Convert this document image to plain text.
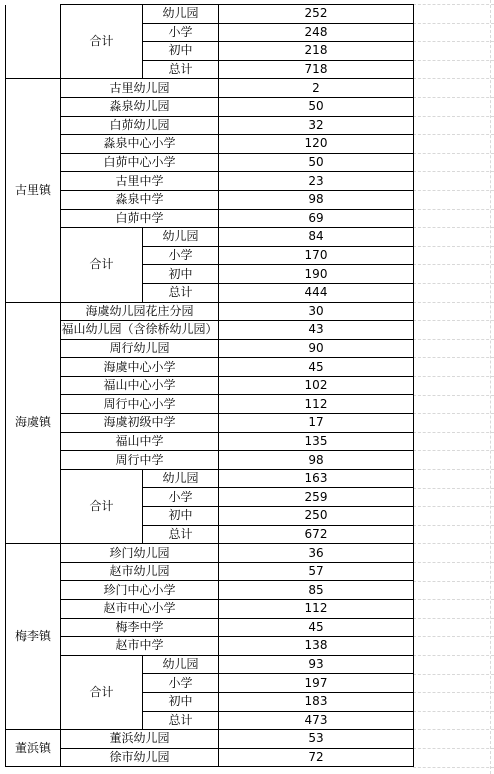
	合计	幼儿园	252
		小学	248
		初中	218
		总计	718
古里镇	古里幼儿园		2
	淼泉幼儿园		50
	白茆幼儿园		32
	淼泉中心小学		120
	白茆中心小学		50
	古里中学		23
	淼泉中学		98
	白茆中学		69
	合计	幼儿园	84
		小学	170
		初中	190
		总计	444
海虞镇	海虞幼儿园花庄分园		30
	福山幼儿园（含徐桥幼儿园）		43
	周行幼儿园		90
	海虞中心小学		45
	福山中心小学		102
	周行中心小学		112
	海虞初级中学		17
	福山中学		135
	周行中学		98
	合计	幼儿园	163
		小学	259
		初中	250
		总计	672
梅李镇	珍门幼儿园		36
	赵市幼儿园		57
	珍门中心小学		85
	赵市中心小学		112
	梅李中学		45
	赵市中学		138
	合计	幼儿园	93
		小学	197
		初中	183
		总计	473
董浜镇	董浜幼儿园		53
	徐市幼儿园		72
